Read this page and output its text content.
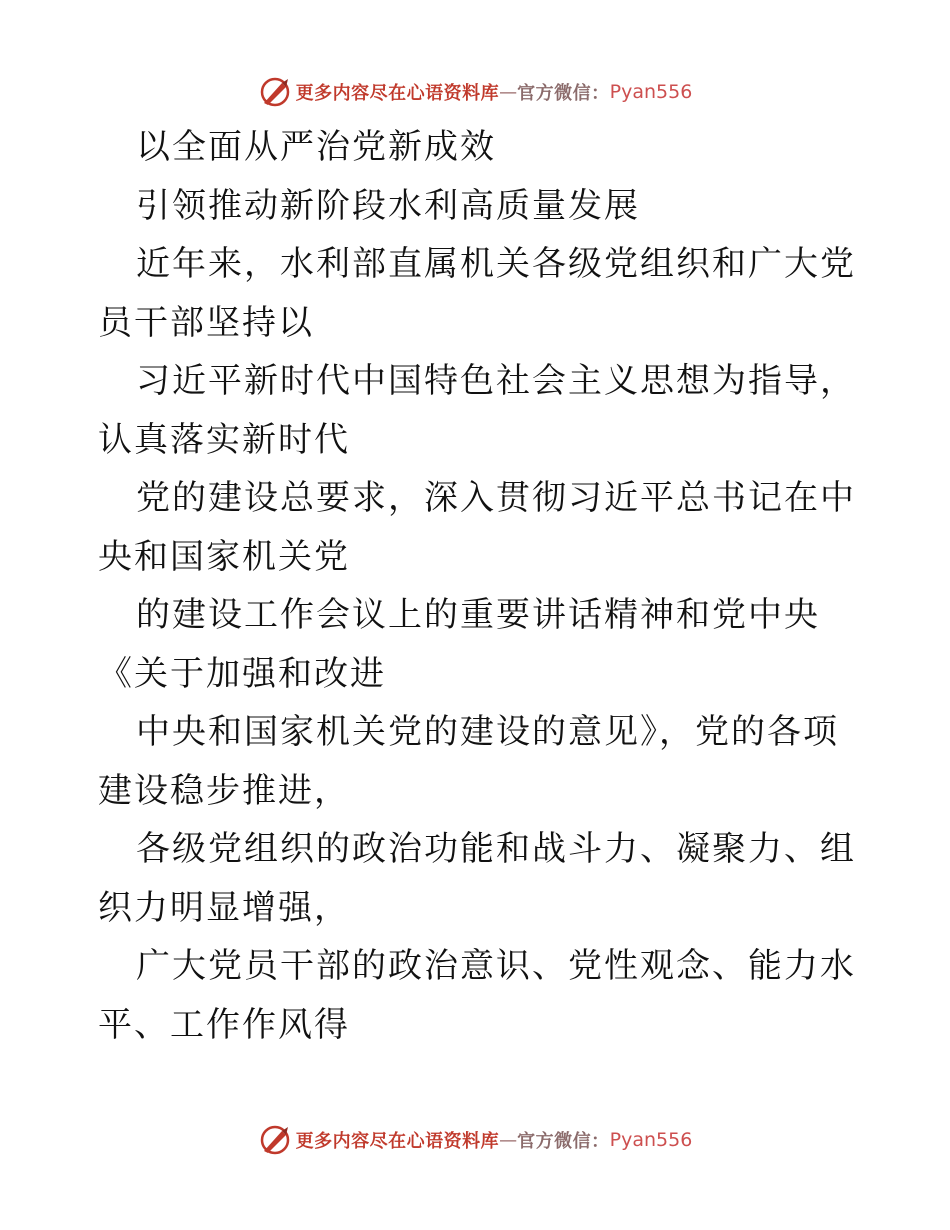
更多内容尽在心语资料库 — 官方微信： Pyan556

以全面从严治党新成效

引领推动新阶段水利高质量发展

近年来，水利部直属机关各级党组织和广大党员干部坚持以

习近平新时代中国特色社会主义思想为指导，认真落实新时代

党的建设总要求，深入贯彻习近平总书记在中央和国家机关党

的建设工作会议上的重要讲话精神和党中央《关于加强和改进

中央和国家机关党的建设的意见》，党的各项建设稳步推进，

各级党组织的政治功能和战斗力、凝聚力、组织力明显增强，

广大党员干部的政治意识、党性观念、能力水平、工作作风得

更多内容尽在心语资料库 — 官方微信： Pyan556
